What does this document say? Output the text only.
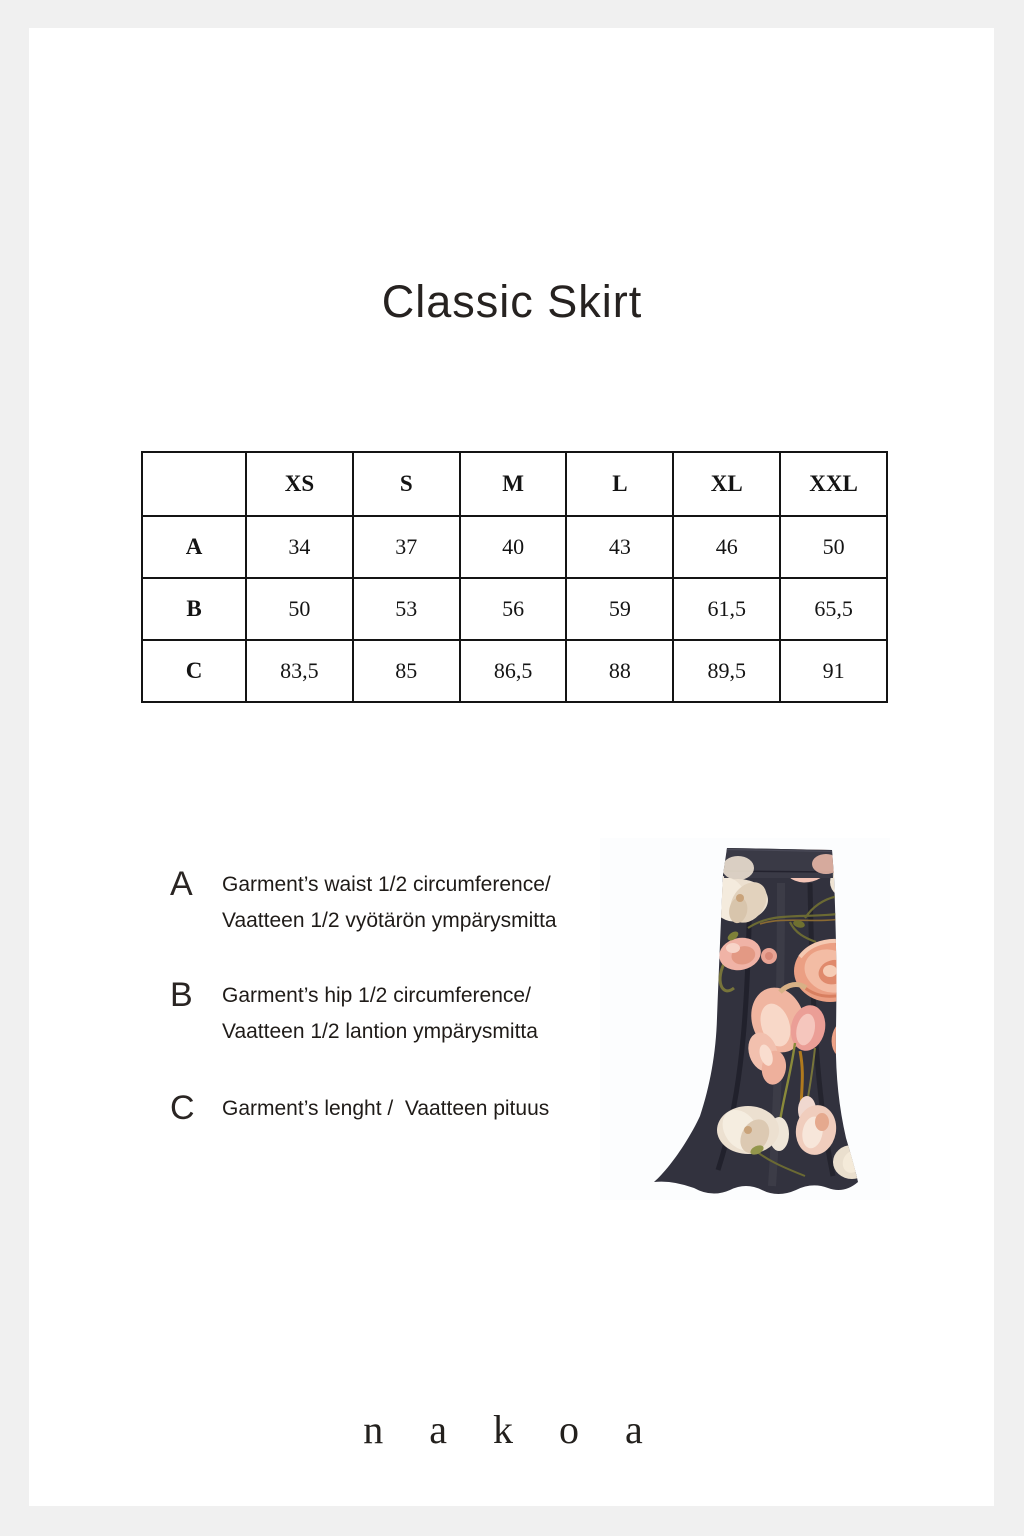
Classic Skirt
	XS	S	M	L	XL	XXL
A	34	37	40	43	46	50
B	50	53	56	59	61,5	65,5
C	83,5	85	86,5	88	89,5	91
A	Garment’s waist 1/2 circumference/
Vaatteen 1/2 vyötärön ympärysmitta
B	Garment’s hip 1/2 circumference/
Vaatteen 1/2 lantion ympärysmitta
C	Garment’s lenght /  Vaatteen pituus
n a k o a
